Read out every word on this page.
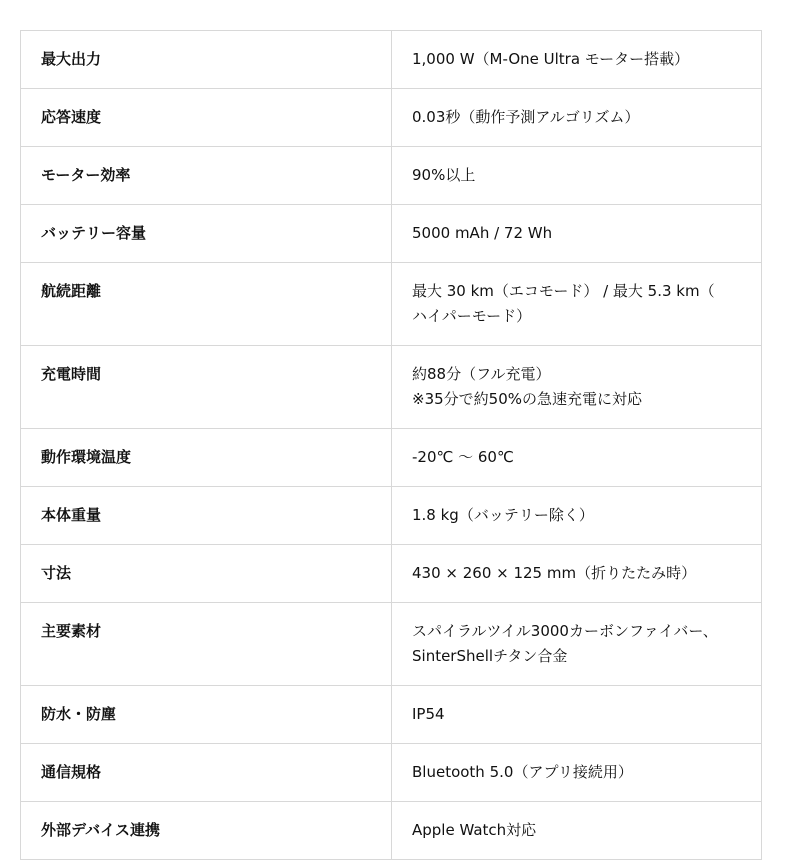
最大出力	1,000 W（M-One Ultra モーター搭載）
応答速度	0.03秒（動作予測アルゴリズム）
モーター効率	90%以上
バッテリー容量	5000 mAh / 72 Wh
航続距離	最大 30 km（エコモード） / 最大 5.3 km（
ハイパーモード）
充電時間	約88分（フル充電）
※35分で約50%の急速充電に対応
動作環境温度	-20℃ 〜 60℃
本体重量	1.8 kg（バッテリー除く）
寸法	430 × 260 × 125 mm（折りたたみ時）
主要素材	スパイラルツイル3000カーボンファイバー、
SinterShellチタン合金
防水・防塵	IP54
通信規格	Bluetooth 5.0（アプリ接続用）
外部デバイス連携	Apple Watch対応
